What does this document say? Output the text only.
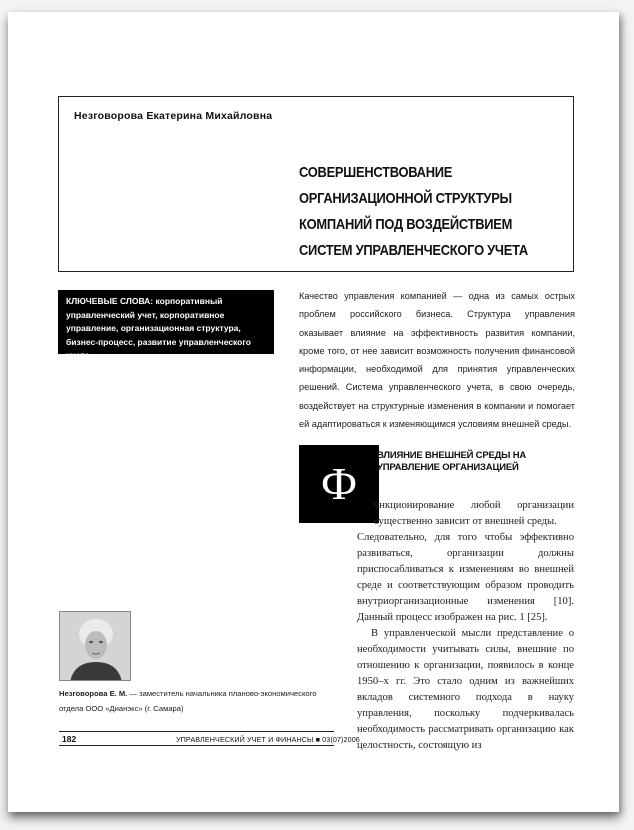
Незговорова Екатерина Михайловна
СОВЕРШЕНСТВОВАНИЕ
ОРГАНИЗАЦИОННОЙ СТРУКТУРЫ
КОМПАНИЙ ПОД ВОЗДЕЙСТВИЕМ
СИСТЕМ УПРАВЛЕНЧЕСКОГО УЧЕТА
КЛЮЧЕВЫЕ СЛОВА: корпоративный управленческий учет, корпоративное управление, организационная структура, бизнес-процесс, развитие управленческого учета
Качество управления компанией — одна из самых острых проблем российского бизнеса. Структура управления оказывает влияние на эффективность развития компании, кроме того, от нее зависит возможность получения финансовой информации, необходимой для принятия управленческих решений. Система управленческого учета, в свою очередь, воздействует на структурные изменения в компании и помогает ей адаптироваться к изменяющимся условиям внешней среды.
Ф
ВЛИЯНИЕ ВНЕШНЕЙ СРЕДЫ НА
УПРАВЛЕНИЕ ОРГАНИЗАЦИЕЙ
ункционирование любой организации существенно зависит от внешней среды.

Следовательно, для того чтобы эффективно развиваться, организации должны приспосабливаться к изменениям во внешней среде и соответствующим образом проводить внутриорганизационные изменения [10]. Данный процесс изображен на рис. 1 [25].

В управленческой мысли представление о необходимости учитывать силы, внешние по отношению к организации, появилось в конце 1950–х гг. Это стало одним из важнейших вкладов системного подхода в науку управления, поскольку подчеркивалась необходимость рассматривать организацию как целостность, состоящую из

Незговорова Е. М. — заместитель начальника планово-экономического отдела ООО «Дианэкс» (г. Самара)
182	УПРАВЛЕНЧЕСКИЙ УЧЕТ И ФИНАНСЫ ■ 03(07)2006
